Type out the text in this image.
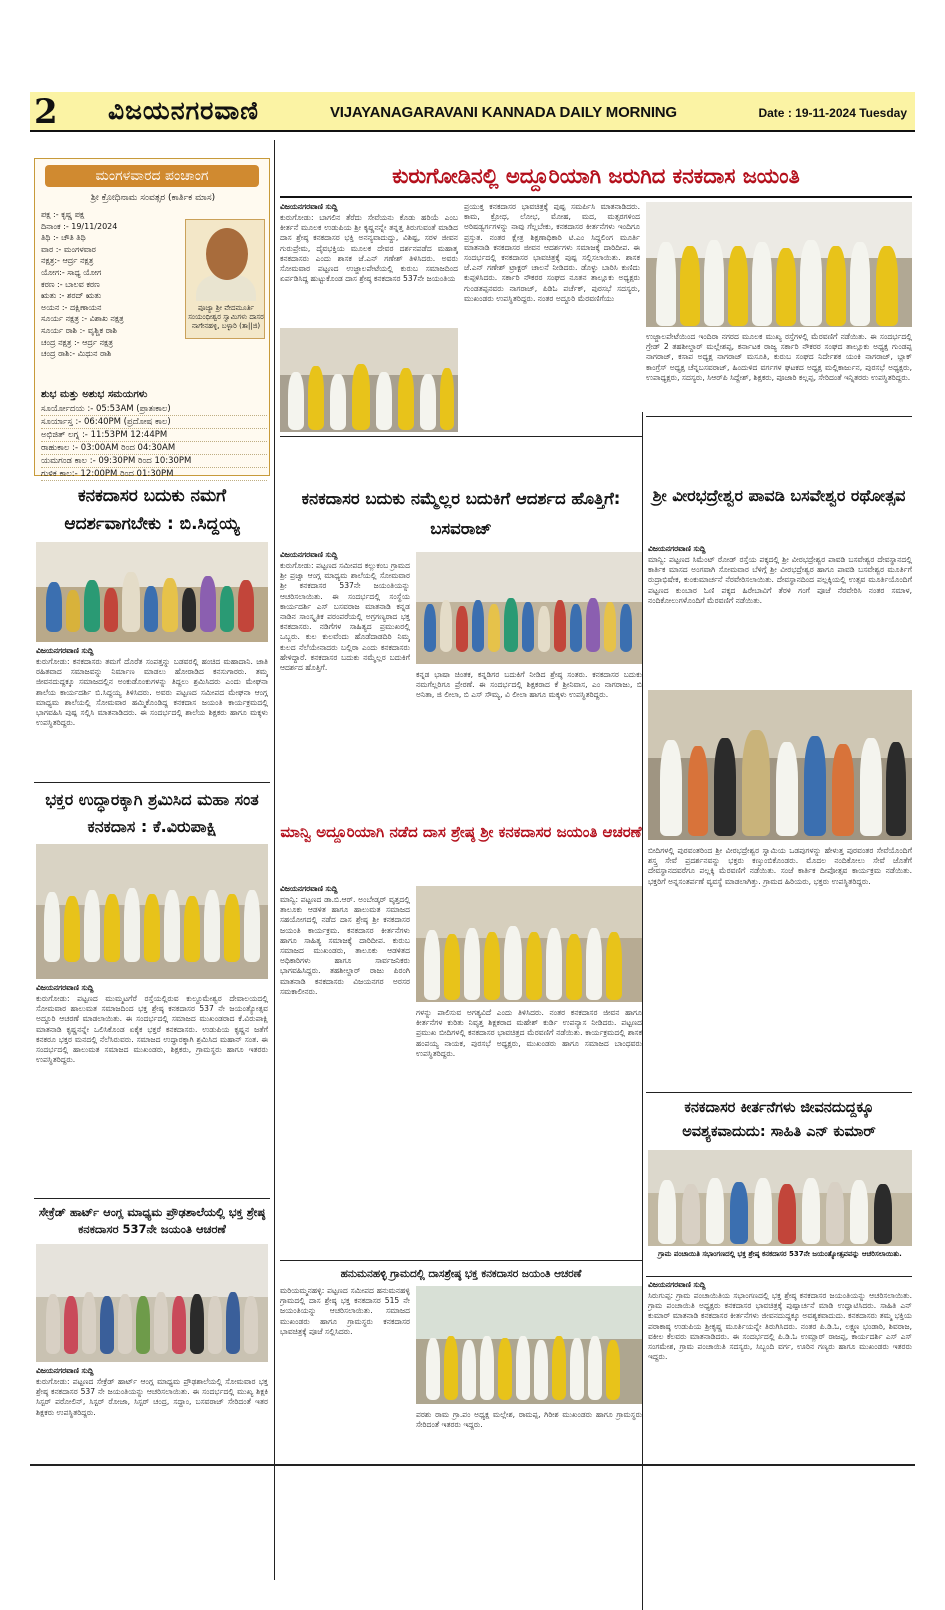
2	ವಿಜಯನಗರವಾಣಿ	VIJAYANAGARAVANI KANNADA DAILY MORNING	Date : 19-11-2024 Tuesday
ಮಂಗಳವಾರದ ಪಂಚಾಂಗ
ಶ್ರೀ ಕ್ರೋಧಿನಾಮ ಸಂವತ್ಸರ (ಕಾರ್ತಿಕ ಮಾಸ)
ಪಕ್ಷ :- ಕೃಷ್ಣ ಪಕ್ಷ
ದಿನಾಂಕ :- 19/11/2024
ತಿಥಿ :- ಚೌತಿ ತಿಥಿ
ವಾರ :- ಮಂಗಳವಾರ
ನಕ್ಷತ್ರ:- ಆರ್ದ್ರ ನಕ್ಷತ್ರ
ಯೋಗ:- ಸಾಧ್ಯ ಯೋಗ
ಕರಣ :- ಬಾಲವ ಕರಣ
ಋತು :- ಶರದ್ ಋತು
ಅಯನ :- ದಕ್ಷಿಣಾಯನ
ಸೂರ್ಯ ನಕ್ಷತ್ರ :- ವಿಶಾಖ ನಕ್ಷತ್ರ
ಸೂರ್ಯ ರಾಶಿ :- ವೃಶ್ಚಿಕ ರಾಶಿ
ಚಂದ್ರ ನಕ್ಷತ್ರ :- ಆರ್ದ್ರ ನಕ್ಷತ್ರ
ಚಂದ್ರ ರಾಶಿ:- ಮಿಥುನ ರಾಶಿ
ಪೂಜ್ಯಾ ಶ್ರೀ ವೇದಮೂರ್ತಿ ಸಂಯಂಧೀಶ್ವರ ಸ್ವಾಮಿಗಳು ದಾಸರ ನಾಗೇನಹಳ್ಳಿ, ಬಳ್ಳಾರಿ (ತಾ||ಜಿ)
ಶುಭ ಮತ್ತು ಅಶುಭ ಸಮಯಗಳು
ಸೂರ್ಯೋದಯ :- 05:53AM (ಪ್ರಾತಃಕಾಲ)
ಸೂರ್ಯಾಸ್ತ :- 06:40PM (ಪ್ರದೋಷ ಕಾಲ)
ಅಭಿಜಿತ್ ಲಗ್ನ :- 11:53PM 12:44PM
ರಾಹುಕಾಲ :- 03:00AM ರಿಂದ 04:30AM
ಯಮಗಂಡ ಕಾಲ :- 09:30PM ರಿಂದ 10:30PM
ಗುಳಿಕ ಕಾಲ:- 12:00PM ರಿಂದ 01:30PM
ಕನಕದಾಸರ ಬದುಕು ನಮಗೆ ಆದರ್ಶವಾಗಬೇಕು : ಬಿ.ಸಿದ್ದಯ್ಯ
ವಿಜಯನಗರವಾಣಿ ಸುದ್ದಿ
ಕುರುಗೋಡು: ಕನಕದಾಸರು ತಮಗೆ ದೊರೆತ ಸಂಪತ್ತನ್ನು ಬಡವರಲ್ಲಿ ಹಂಚಿದ ಮಹಾದಾನಿ. ಜಾತಿ ರಹಿತವಾದ ಸಮಾಜವನ್ನು ನಿರ್ಮಾಣ ಮಾಡಲು ಹೋರಾಡಿದ ಕನಸುಗಾರರು. ತಮ್ಮ ಜೀವನದುದ್ದಕ್ಕೂ ಸಮಾಜದಲ್ಲಿನ ಅಂಕುಡೊಂಕುಗಳನ್ನು ತಿದ್ದಲು ಶ್ರಮಿಸಿದರು ಎಂದು ಮೇಘನಾ ಶಾಲೆಯ ಕಾರ್ಯದರ್ಶಿ ಬಿ.ಸಿದ್ದಯ್ಯ ತಿಳಿಸಿದರು. ಅವರು ಪಟ್ಟಣದ ಸಮೀಪದ ಮೇಘನಾ ಆಂಗ್ಲ ಮಾಧ್ಯಮ ಶಾಲೆಯಲ್ಲಿ ಸೋಮವಾರ ಹಮ್ಮಿಕೊಂಡಿದ್ದ ಕನಕದಾಸ ಜಯಂತಿ ಕಾರ್ಯಕ್ರಮದಲ್ಲಿ ಭಾಗವಹಿಸಿ ಪುಷ್ಪ ಸಲ್ಲಿಸಿ ಮಾತನಾಡಿದರು. ಈ ಸಂದರ್ಭದಲ್ಲಿ ಶಾಲೆಯ ಶಿಕ್ಷಕರು ಹಾಗೂ ಮಕ್ಕಳು ಉಪಸ್ಥಿತರಿದ್ದರು.
ಭಕ್ತರ ಉದ್ಧಾರಕ್ಕಾಗಿ ಶ್ರಮಿಸಿದ ಮಹಾ ಸಂತ ಕನಕದಾಸ : ಕೆ.ವಿರುಪಾಕ್ಷಿ
ವಿಜಯನಗರವಾಣಿ ಸುದ್ದಿ
ಕುರುಗೋಡು: ಪಟ್ಟಣದ ಮುಮ್ಮಟಗೆರೆ ರಸ್ತೆಯಲ್ಲಿರುವ ಕುಲ್ದೂಮೇಶ್ವರ ದೇವಾಲಯದಲ್ಲಿ ಸೋಮವಾರ ಹಾಲುಮತ ಸಮಾಜದಿಂದ ಭಕ್ತ ಶ್ರೇಷ್ಠ ಕನಕದಾಸರ 537 ನೇ ಜಯಂತ್ಯೋತ್ಸವ ಅದ್ದೂರಿ ಆಚರಣೆ ಮಾಡಲಾಯಿತು. ಈ ಸಂದರ್ಭದಲ್ಲಿ ಸಮಾಜದ ಮುಖಂಡರಾದ ಕೆ.ವಿರುಪಾಕ್ಷಿ ಮಾತನಾಡಿ ಕೃಷ್ಣನನ್ನೇ ಒಲಿಸಿಕೊಂಡ ಏಕೈಕ ಭಕ್ತರೆ ಕನಕದಾಸರು. ಉಡುಪಿಯ ಕೃಷ್ಣನ ಜತೆಗೆ ಕನಕರೂ ಭಕ್ತರ ಮನದಲ್ಲಿ ನೆಲೆಸಿರುವರು. ಸಮಾಜದ ಉದ್ಧಾರಕ್ಕಾಗಿ ಶ್ರಮಿಸಿದ ಮಹಾನ್ ಸಂತ. ಈ ಸಂದರ್ಭದಲ್ಲಿ ಹಾಲುಮತ ಸಮಾಜದ ಮುಖಂಡರು, ಶಿಕ್ಷಕರು, ಗ್ರಾಮಸ್ಥರು ಹಾಗೂ ಇತರರು ಉಪಸ್ಥಿತರಿದ್ದರು.
ಸೇಕ್ರೆಡ್ ಹಾರ್ಟ್ ಆಂಗ್ಲ ಮಾಧ್ಯಮ ಪ್ರೌಢಶಾಲೆಯಲ್ಲಿ ಭಕ್ತ ಶ್ರೇಷ್ಠ ಕನಕದಾಸರ 537ನೇ ಜಯಂತಿ ಆಚರಣೆ
ವಿಜಯನಗರವಾಣಿ ಸುದ್ದಿ
ಕುರುಗೋಡು: ಪಟ್ಟಣದ ಸೇಕ್ರೆಡ್ ಹಾರ್ಟ್ ಆಂಗ್ಲ ಮಾಧ್ಯಮ ಪ್ರೌಢಶಾಲೆಯಲ್ಲಿ ಸೋಮವಾರ ಭಕ್ತ ಶ್ರೇಷ್ಠ ಕನಕದಾಸರ 537 ನೇ ಜಯಂತಿಯನ್ನು ಆಚರಿಸಲಾಯಿತು. ಈ ಸಂದರ್ಭದಲ್ಲಿ ಮುಖ್ಯ ಶಿಕ್ಷಕಿ ಸಿಸ್ಟರ್ ಪರೋಲಿನ್, ಸಿಸ್ಟರ್ ರೋಜಾ, ಸಿಸ್ಟರ್ ಚಂದ್ರ, ಸದ್ದಾಂ, ಬಸವರಾಜ್ ಸೇರಿದಂತೆ ಇತರ ಶಿಕ್ಷಕರು ಉಪಸ್ಥಿತರಿದ್ದರು.
ಕುರುಗೋಡಿನಲ್ಲಿ ಅದ್ದೂರಿಯಾಗಿ ಜರುಗಿದ ಕನಕದಾಸ ಜಯಂತಿ
ವಿಜಯನಗರವಾಣಿ ಸುದ್ದಿ
ಕುರುಗೋಡು: ಬಾಗಲಿನ ತೆರೆದು ಸೇವೆಯನು ಕೊಡು ಹರಿಯೆ ಎಂಬ ಕೀರ್ತನೆ ಮೂಲಕ ಉಡುಪಿಯ ಶ್ರೀ ಕೃಷ್ಣನನ್ನೇ ತನ್ನತ್ತ ತಿರುಗುವಂತೆ ಮಾಡಿದ ದಾಸ ಶ್ರೇಷ್ಠ ಕನಕದಾಸರ ಭಕ್ತಿ ಅನನ್ಯವಾದುದ್ದು, ವಿಶಿಷ್ಟ, ಸರಳ ಜೀವನ ಗುರುಪ್ರೇಮ, ದೈವಭಕ್ತಿಯ ಮೂಲಕ ದೇವರ ದರ್ಶನಪಡೆದ ಮಹಾತ್ಮ ಕನಕದಾಸರು ಎಂದು ಶಾಸಕ ಜೆ.ಎನ್ ಗಣೇಶ್ ತಿಳಿಸಿದರು. ಅವರು ಸೋಮವಾರ ಪಟ್ಟಣದ ಉಜ್ಜಾಲಪೇಟೆಯಲ್ಲಿ ಕುರುಬ ಸಮಾಜದಿಂದ ಏರ್ಪಡಿಸಿದ್ದ ಹುಟ್ಟುಕೊಂಡ ದಾಸ ಶ್ರೇಷ್ಠ ಕನಕದಾಸರ 537ನೇ ಜಯಂತಿಯ
ಪ್ರಯುಕ್ತ ಕನಕದಾಸರ ಭಾವಚಿತ್ರಕ್ಕೆ ಪುಷ್ಪ ಸಮರ್ಪಿಸಿ ಮಾತನಾಡಿದರು. ಕಾಮ, ಕ್ರೋಧ, ಲೋಭ, ಮೋಹ, ಮದ, ಮತ್ಸರಗಳಿಂದ ಅರಿಷಡ್ವರ್ಗಗಳನ್ನು ನಾವು ಗೆಲ್ಲಬೇಕು, ಕನಕದಾಸರ ಕೀರ್ತನೆಗಳು ಇಂದಿಗೂ ಪ್ರಸ್ತುತ. ನಂತರ ಕ್ಷೇತ್ರ ಶಿಕ್ಷಣಾಧಿಕಾರಿ ಟಿ.ಎಂ ಸಿದ್ದಲಿಂಗ ಮೂರ್ತಿ ಮಾತನಾಡಿ ಕನಕದಾಸರ ಜೀವನ ಆದರ್ಶಗಳು ಸಮಾಜಕ್ಕೆ ದಾರಿದೀಪ. ಈ ಸಂದರ್ಭದಲ್ಲಿ ಕನಕದಾಸರ ಭಾವಚಿತ್ರಕ್ಕೆ ಪುಷ್ಪ ಸಲ್ಲಿಸಲಾಯಿತು. ಶಾಸಕ ಜೆ.ಎನ್ ಗಣೇಶ್ ಟ್ರಾಕ್ಟರ್ ಚಾಲನೆ ನೀಡಿದರು. ಡೊಳ್ಳು ಬಾರಿಸಿ ಕುಣಿದು ಕುಪ್ಪಳಿಸಿದರು. ಸರ್ಕಾರಿ ನೌಕರರ ಸಂಘದ ನೂತನ ತಾಲ್ಲೂಕು ಅಧ್ಯಕ್ಷರು ಗುಂಡತಪ್ಪನವರು ನಾಗರಾಜ್, ಪಿಡಿಓ ಪರ್ಚೆಕ್, ಪುರಸಭೆ ಸದಸ್ಯರು, ಮುಖಂಡರು ಉಪಸ್ಥಿತರಿದ್ದರು. ನಂತರ ಅದ್ದೂರಿ ಮೆರವಣಿಗೆಯು
ಉಜ್ಜಾಲಪೇಟೆಯಿಂದ ಇಂದಿರಾ ನಗರದ ಮೂಲಕ ಮುಖ್ಯ ರಸ್ತೆಗಳಲ್ಲಿ ಮೆರವಣಿಗೆ ನಡೆಯಿತು. ಈ ಸಂದರ್ಭದಲ್ಲಿ ಗ್ರೇಡ್ 2 ತಹಶೀಲ್ದಾರ್ ಮಲ್ಲೇಶಪ್ಪ, ಕರ್ನಾಟಕ ರಾಜ್ಯ ಸರ್ಕಾರಿ ನೌಕರರ ಸಂಘದ ತಾಲ್ಲೂಕು ಅಧ್ಯಕ್ಷ ಗುಂಡಪ್ಪ ನಾಗರಾಜ್, ಕಸಾಪ ಅಧ್ಯಕ್ಷ ನಾಗರಾಜ್ ಮಸೂತಿ, ಕುರುಬ ಸಂಘದ ನಿರ್ದೇಶಕ ಯಂಕಿ ನಾಗರಾಜ್, ಬ್ಲಾಕ್ ಕಾಂಗ್ರೆಸ್ ಅಧ್ಯಕ್ಷ ಚೆನ್ನಬಸವರಾಜ್, ಹಿಂದುಳಿದ ವರ್ಗಗಳ ಘಟಕದ ಅಧ್ಯಕ್ಷ ಮಲ್ಲಿಕಾರ್ಜುನ, ಪುರಸಭೆ ಅಧ್ಯಕ್ಷರು, ಉಪಾಧ್ಯಕ್ಷರು, ಸದಸ್ಯರು, ಸಿಆರ್‌ಪಿ ಸಿದ್ದೇಶ್, ಶಿಕ್ಷಕರು, ಪೂಜಾರಿ ಕಲ್ಲಪ್ಪ, ಸೇರಿದಂತೆ ಇನ್ನಿತರರು ಉಪಸ್ಥಿತರಿದ್ದರು.
ಕನಕದಾಸರ ಬದುಕು ನಮ್ಮೆಲ್ಲರ ಬದುಕಿಗೆ ಆದರ್ಶದ ಹೊತ್ತಿಗೆ: ಬಸವರಾಜ್
ವಿಜಯನಗರವಾಣಿ ಸುದ್ದಿ
ಕುರುಗೋಡು: ಪಟ್ಟಣದ ಸಮೀಪದ ಕಲ್ಲುಕಂಬ ಗ್ರಾಮದ ಶ್ರೀ ಪ್ರಜ್ವಾ ಆಂಗ್ಲ ಮಾಧ್ಯಮ ಶಾಲೆಯಲ್ಲಿ ಸೋಮವಾರ ಶ್ರೀ ಕನಕದಾಸರ 537ನೇ ಜಯಂತಿಯನ್ನು ಆಚರಿಸಲಾಯಿತು. ಈ ಸಂದರ್ಭದಲ್ಲಿ ಸಂಸ್ಥೆಯ ಕಾರ್ಯದರ್ಶಿ ಎಸ್ ಬಸವರಾಜ ಮಾತನಾಡಿ ಕನ್ನಡ ನಾಡಿನ ಸಾಂಸ್ಕೃತಿಕ ಪರಂಪರೆಯಲ್ಲಿ ಅಗ್ರಗಣ್ಯರಾದ ಭಕ್ತ ಕನಕದಾಸರು. ನಡಿಗೆಗಳ ಸಾಹಿತ್ಯದ ಪ್ರಮುಖರಲ್ಲಿ ಒಬ್ಬರು. ಕುಲ ಕುಲವೆಂದು ಹೊಡೆದಾಡದಿರಿ ನಿಮ್ಮ ಕುಲದ ನೆಲೆಯೇನಾದರು ಬಲ್ಲಿರಾ ಎಂದು ಕನಕದಾಸರು ಹೇಳಿದ್ದಾರೆ. ಕನಕದಾಸರ ಬದುಕು ನಮ್ಮೆಲ್ಲರ ಬದುಕಿಗೆ ಆದರ್ಶದ ಹೊತ್ತಿಗೆ.
ಕನ್ನಡ ಭಾಷಾ ಚಿಂತಕ, ಕನ್ನಡಿಗರ ಬದುಕಿಗೆ ನೀಡಿದ ಶ್ರೇಷ್ಠ ಸಂತರು. ಕನಕದಾಸರ ಬದುಕು ನಮಗೆಲ್ಲರಿಗೂ ಪ್ರೇರಣೆ. ಈ ಸಂದರ್ಭದಲ್ಲಿ ಶಿಕ್ಷಕರಾದ ಕೆ ಶ್ರೀನಿವಾಸ, ಎಂ ನಾಗರಾಜು, ಬಿ ಅನಿತಾ, ಜಿ ಲೀಲಾ, ಬಿ ಎಸ್ ಸೌಮ್ಯ, ವಿ ಲೀಲಾ ಹಾಗೂ ಮಕ್ಕಳು ಉಪಸ್ಥಿತರಿದ್ದರು.
ಮಾನ್ವಿ ಅದ್ದೂರಿಯಾಗಿ ನಡೆದ ದಾಸ ಶ್ರೇಷ್ಠ ಶ್ರೀ ಕನಕದಾಸರ ಜಯಂತಿ ಆಚರಣೆ
ವಿಜಯನಗರವಾಣಿ ಸುದ್ದಿ
ಮಾನ್ವಿ: ಪಟ್ಟಣದ ಡಾ.ಬಿ.ಆರ್. ಅಂಬೇಡ್ಕರ್ ವೃತ್ತದಲ್ಲಿ ತಾಲೂಕು ಆಡಳಿತ ಹಾಗೂ ಹಾಲುಮತ ಸಮಾಜದ ಸಹಯೋಗದಲ್ಲಿ ನಡೆದ ದಾಸ ಶ್ರೇಷ್ಠ ಶ್ರೀ ಕನಕದಾಸರ ಜಯಂತಿ ಕಾರ್ಯಕ್ರಮ. ಕನಕದಾಸರ ಕೀರ್ತನೆಗಳು ಹಾಗೂ ಸಾಹಿತ್ಯ ಸಮಾಜಕ್ಕೆ ದಾರಿದೀಪ. ಕುರುಬ ಸಮಾಜದ ಮುಖಂಡರು, ತಾಲೂಕು ಆಡಳಿತದ ಅಧಿಕಾರಿಗಳು ಹಾಗೂ ಸಾರ್ವಜನಿಕರು ಭಾಗವಹಿಸಿದ್ದರು. ತಹಶೀಲ್ದಾರ್ ರಾಜು ಪಿರಂಗಿ ಮಾತನಾಡಿ ಕನಕದಾಸರು ವಿಜಯನಗರ ಅರಸರ ಸಮಕಾಲೀನರು.
ಗಳನ್ನು ಪಾಲಿಸುವ ಅಗತ್ಯವಿದೆ ಎಂದು ತಿಳಿಸಿದರು. ನಂತರ ಕನಕದಾಸರ ಜೀವನ ಹಾಗೂ ಕೀರ್ತನೆಗಳ ಕುರಿತು ನಿವೃತ್ತ ಶಿಕ್ಷಕರಾದ ಮಹೇಶ್ ಕುರ್ಡಿ ಉಪನ್ಯಾಸ ನೀಡಿದರು. ಪಟ್ಟಣದ ಪ್ರಮುಖ ಬೀದಿಗಳಲ್ಲಿ ಕನಕದಾಸರ ಭಾವಚಿತ್ರದ ಮೆರವಣಿಗೆ ನಡೆಯಿತು. ಕಾರ್ಯಕ್ರಮದಲ್ಲಿ ಶಾಸಕ ಹಂಪಯ್ಯ ನಾಯಕ, ಪುರಸಭೆ ಅಧ್ಯಕ್ಷರು, ಮುಖಂಡರು ಹಾಗೂ ಸಮಾಜದ ಬಾಂಧವರು ಉಪಸ್ಥಿತರಿದ್ದರು.
ಹನುಮನಹಳ್ಳಿ ಗ್ರಾಮದಲ್ಲಿ ದಾಸಶ್ರೇಷ್ಠ ಭಕ್ತ ಕನಕದಾಸರ ಜಯಂತಿ ಆಚರಣೆ
ಮರಿಯಮ್ಮನಹಳ್ಳಿ: ಪಟ್ಟಣದ ಸಮೀಪದ ಹನುಮನಹಳ್ಳಿ ಗ್ರಾಮದಲ್ಲಿ ದಾಸ ಶ್ರೇಷ್ಠ ಭಕ್ತ ಕನಕದಾಸರ 515 ನೇ ಜಯಂತಿಯನ್ನು ಆಚರಿಸಲಾಯಿತು. ಸಮಾಜದ ಮುಖಂಡರು ಹಾಗೂ ಗ್ರಾಮಸ್ಥರು ಕನಕದಾಸರ ಭಾವಚಿತ್ರಕ್ಕೆ ಪೂಜೆ ಸಲ್ಲಿಸಿದರು.
ಪರಶು ರಾಮ ಗ್ರಾ.ಪಂ ಅಧ್ಯಕ್ಷ ಮಲ್ಲೇಶ, ರಾಮಪ್ಪ, ಗಿರೀಶ ಮುಖಂಡರು ಹಾಗೂ ಗ್ರಾಮಸ್ಥರು ಸೇರಿದಂತೆ ಇತರರು ಇದ್ದರು.
ಶ್ರೀ ವೀರಭದ್ರೇಶ್ವರ ಪಾವಡಿ ಬಸವೇಶ್ವರ ರಥೋತ್ಸವ
ವಿಜಯನಗರವಾಣಿ ಸುದ್ದಿ
ಮಾನ್ವಿ: ಪಟ್ಟಣದ ಸಿಮೆಂಟ್ ರೋಡ್ ರಸ್ತೆಯ ಪಕ್ಕದಲ್ಲಿ ಶ್ರೀ ವೀರಭದ್ರೇಶ್ವರ ಪಾವಡಿ ಬಸವೇಶ್ವರ ದೇವಸ್ಥಾನದಲ್ಲಿ ಕಾರ್ತಿಕ ಮಾಸದ ಅಂಗವಾಗಿ ಸೋಮವಾರ ಬೆಳಿಗ್ಗೆ ಶ್ರೀ ವೀರಭದ್ರೇಶ್ವರ ಹಾಗೂ ಪಾವಡಿ ಬಸವೇಶ್ವರ ಮೂರ್ತಿಗೆ ರುದ್ರಾಭಿಷೇಕ, ಕುಂಕುಮಾರ್ಚನೆ ನೆರವೇರಿಸಲಾಯಿತು. ದೇವಸ್ಥಾನದಿಂದ ಪಲ್ಲಕ್ಕಿಯಲ್ಲಿ ಉತ್ಸವ ಮೂರ್ತಿಯೊಂದಿಗೆ ಪಟ್ಟಣದ ಕುಂಬಾರ ಓಣಿ ಪಕ್ಕದ ಹಿರೇಬಾವಿಗೆ ತೆರಳಿ ಗಂಗೆ ಪೂಜೆ ನೆರವೇರಿಸಿ ನಂತರ ಸಮಾಳ, ನಂದಿಕೋಲುಗಳೊಂದಿಗೆ ಮೆರವಣಿಗೆ ನಡೆಯಿತು.
ಬೀದಿಗಳಲ್ಲಿ ಪುರವಂತರಿಂದ ಶ್ರೀ ವೀರಭದ್ರೇಶ್ವರ ಸ್ವಾಮಿಯ ಒಡಪುಗಳನ್ನು ಹೇಳುತ್ತ ಪುರವಂತರ ಸೇವೆಯೊಂದಿಗೆ ಶಸ್ತ್ರ ಸೇವೆ ಪ್ರದರ್ಶನವನ್ನು ಭಕ್ತರು ಕಣ್ತುಂಬಿಕೊಂಡರು. ಮೊದಲ ನಂದಿಕೋಲು ಸೇವೆ ಜೊತೆಗೆ ದೇವಸ್ಥಾನದವರೆಗೂ ಪಲ್ಲಕ್ಕಿ ಮೆರವಣಿಗೆ ನಡೆಯಿತು. ಸಂಜೆ ಕಾರ್ತಿಕ ದೀಪೋತ್ಸವ ಕಾರ್ಯಕ್ರಮ ನಡೆಯಿತು. ಭಕ್ತರಿಗೆ ಅನ್ನಸಂತರ್ಪಣೆ ವ್ಯವಸ್ಥೆ ಮಾಡಲಾಗಿತ್ತು. ಗ್ರಾಮದ ಹಿರಿಯರು, ಭಕ್ತರು ಉಪಸ್ಥಿತರಿದ್ದರು.
ಕನಕದಾಸರ ಕೀರ್ತನೆಗಳು ಜೀವನದುದ್ದಕ್ಕೂ ಅವಶ್ಯಕವಾದುದು: ಸಾಹಿತಿ ಎನ್ ಕುಮಾರ್
ಗ್ರಾಮ ಪಂಚಾಯಿತಿ ಸಭಾಂಗಣದಲ್ಲಿ ಭಕ್ತ ಶ್ರೇಷ್ಠ ಕನಕದಾಸರ 537ನೇ ಜಯಂತ್ಯೋತ್ಸವವನ್ನು ಆಚರಿಸಲಾಯಿತು.
ವಿಜಯನಗರವಾಣಿ ಸುದ್ದಿ
ಸಿರುಗುಪ್ಪ: ಗ್ರಾಮ ಪಂಚಾಯಿತಿಯ ಸಭಾಂಗಣದಲ್ಲಿ ಭಕ್ತ ಶ್ರೇಷ್ಠ ಕನಕದಾಸರ ಜಯಂತಿಯನ್ನು ಆಚರಿಸಲಾಯಿತು. ಗ್ರಾಮ ಪಂಚಾಯಿತಿ ಅಧ್ಯಕ್ಷರು ಕನಕದಾಸರ ಭಾವಚಿತ್ರಕ್ಕೆ ಪುಷ್ಪಾರ್ಚನೆ ಮಾಡಿ ಉದ್ಘಾಟಿಸಿದರು. ಸಾಹಿತಿ ಎನ್ ಕುಮಾರ್ ಮಾತನಾಡಿ ಕನಕದಾಸರ ಕೀರ್ತನೆಗಳು ಜೀವನದುದ್ದಕ್ಕೂ ಅವಶ್ಯಕವಾದುದು. ಕನಕದಾಸರು ತಮ್ಮ ಭಕ್ತಿಯ ಪರಾಕಾಷ್ಠ ಉಡುಪಿಯ ಶ್ರೀಕೃಷ್ಣ ಮೂರ್ತಿಯನ್ನೇ ತಿರುಗಿಸಿದರು. ನಂತರ ಪಿ.ಡಿ.ಓ, ಲಕ್ಷ್ಮಣ ಭಂಡಾರಿ, ಶಿವರಾಜ, ವಕೀಲ ಕೆಲವರು ಮಾತನಾಡಿದರು. ಈ ಸಂದರ್ಭದಲ್ಲಿ ಪಿ.ಡಿ.ಓ ಉಮ್ಲಾರ್ ರಾಜಪ್ಪ, ಕಾರ್ಯದರ್ಶಿ ಎಸ್ ಎಸ್ ಸಂಗಮೇಶ, ಗ್ರಾಮ ಪಂಚಾಯಿತಿ ಸದಸ್ಯರು, ಸಿಬ್ಬಂದಿ ವರ್ಗ, ಊರಿನ ಗಣ್ಯರು ಹಾಗೂ ಮುಖಂಡರು ಇತರರು ಇದ್ದರು.
